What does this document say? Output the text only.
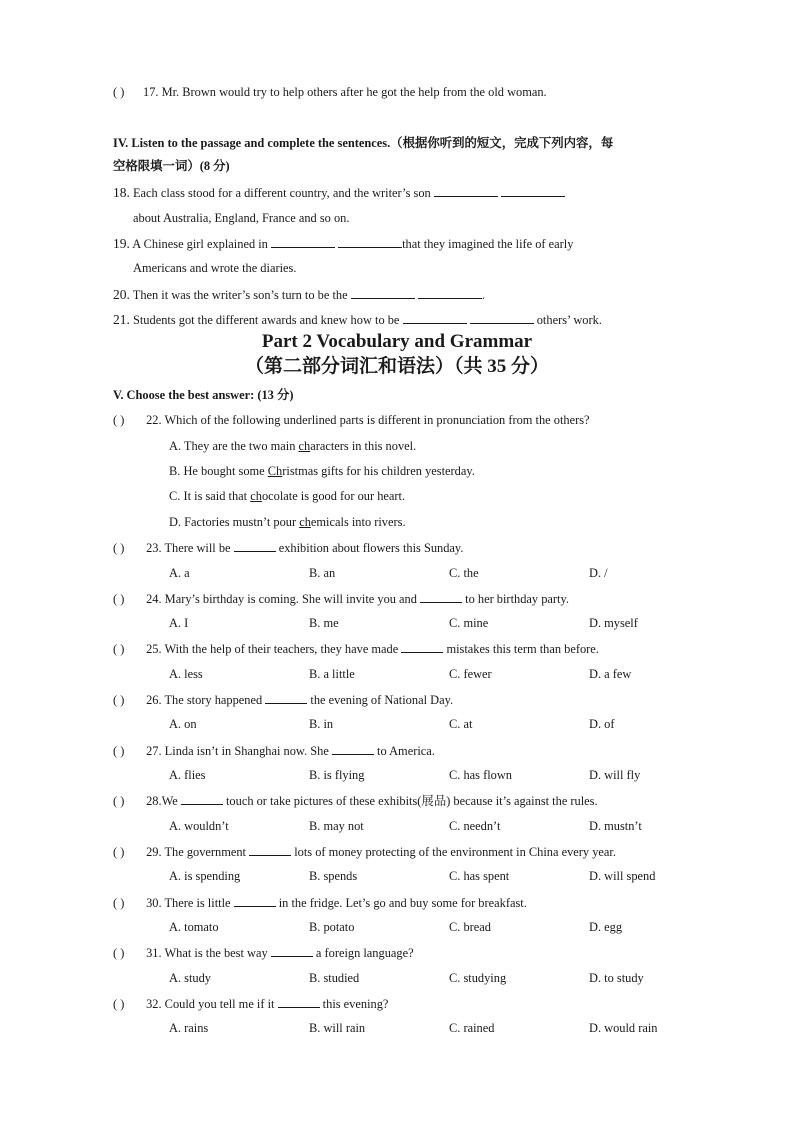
( ) 17. Mr. Brown would try to help others after he got the help from the old woman.
IV. Listen to the passage and complete the sentences.（根据你听到的短文，完成下列内容，每
空格限填一词）(8 分)
18. Each class stood for a different country, and the writer’s son
about Australia, England, France and so on.
19. A Chinese girl explained in	that they imagined the life of early
Americans and wrote the diaries.
20. Then it was the writer’s son’s turn to be the	.
21. Students got the different awards and knew how to be	others’ work.
Part 2 Vocabulary and Grammar
（第二部分词汇和语法）（共 35 分）
V. Choose the best answer: (13 分)
( ) 22. Which of the following underlined parts is different in pronunciation from the others?
A. They are the two main characters in this novel.
B. He bought some Christmas gifts for his children yesterday.
C. It is said that chocolate is good for our heart.
D. Factories mustn’t pour chemicals into rivers.
( ) 23. There will be	exhibition about flowers this Sunday.
A. a	B. an	C. the	D. /
( ) 24. Mary’s birthday is coming. She will invite you and	to her birthday party.
A. I	B. me	C. mine	D. myself
( ) 25. With the help of their teachers, they have made	mistakes this term than before.
A. less	B. a little	C. fewer	D. a few
( ) 26. The story happened	the evening of National Day.
A. on	B. in	C. at	D. of
( ) 27. Linda isn’t in Shanghai now. She	to America.
A. flies	B. is flying	C. has flown	D. will fly
( ) 28.We	touch or take pictures of these exhibits(展品) because it’s against the rules.
A. wouldn’t	B. may not	C. needn’t	D. mustn’t
( ) 29. The government	lots of money protecting of the environment in China every year.
A. is spending	B. spends	C. has spent	D. will spend
( ) 30. There is little	in the fridge. Let’s go and buy some for breakfast.
A. tomato	B. potato	C. bread	D. egg
( ) 31. What is the best way	a foreign language?
A. study	B. studied	C. studying	D. to study
( ) 32. Could you tell me if it	this evening?
A. rains	B. will rain	C. rained	D. would rain
